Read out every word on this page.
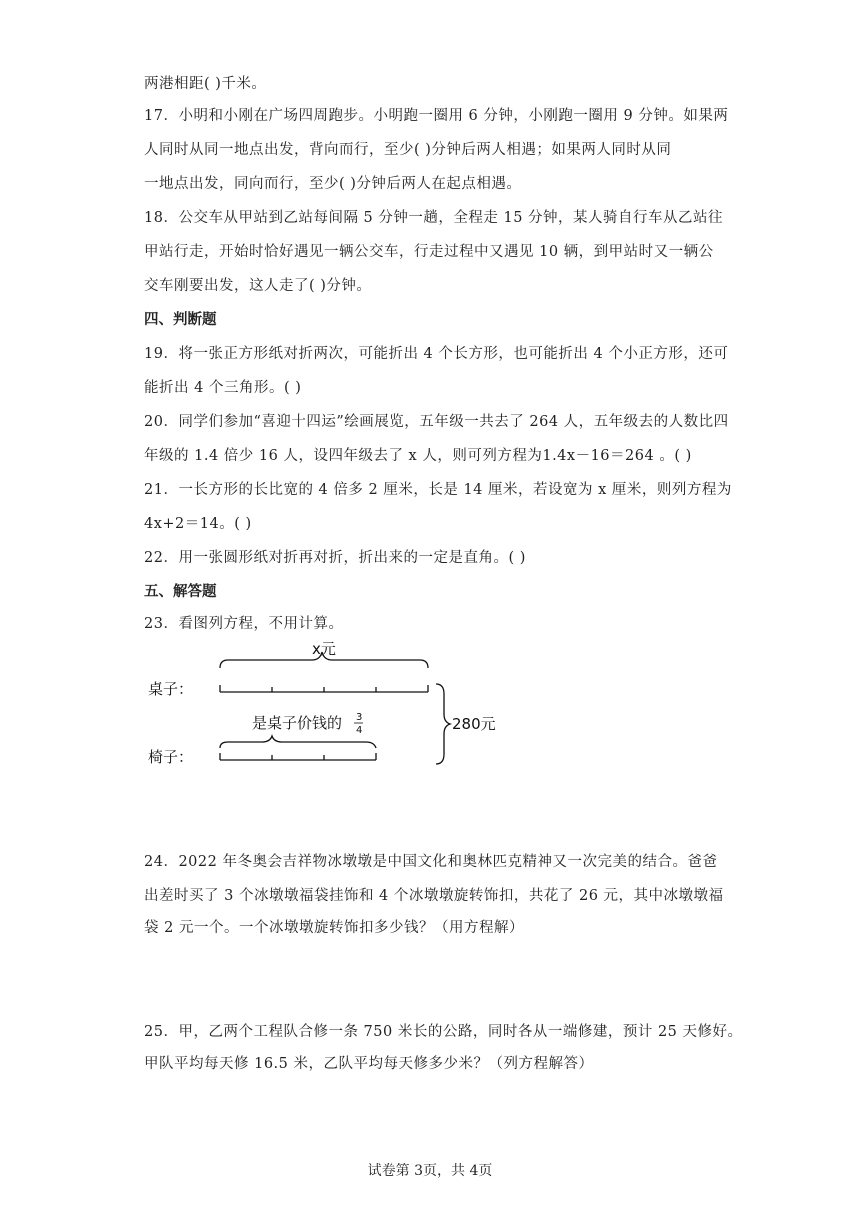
两港相距( )千米。
17．小明和小刚在广场四周跑步。小明跑一圈用 6 分钟，小刚跑一圈用 9 分钟。如果两
人同时从同一地点出发，背向而行，至少( )分钟后两人相遇；如果两人同时从同
一地点出发，同向而行，至少( )分钟后两人在起点相遇。
18．公交车从甲站到乙站每间隔 5 分钟一趟，全程走 15 分钟，某人骑自行车从乙站往
甲站行走，开始时恰好遇见一辆公交车，行走过程中又遇见 10 辆，到甲站时又一辆公
交车刚要出发，这人走了( )分钟。
四、判断题
19．将一张正方形纸对折两次，可能折出 4 个长方形，也可能折出 4 个小正方形，还可
能折出 4 个三角形。( )
20．同学们参加“喜迎十四运”绘画展览，五年级一共去了 264 人，五年级去的人数比四
年级的 1.4 倍少 16 人，设四年级去了 x 人，则可列方程为1.4x－16＝264 。( )
21．一长方形的长比宽的 4 倍多 2 厘米，长是 14 厘米，若设宽为 x 厘米，则列方程为
4x+2＝14。( )
22．用一张圆形纸对折再对折，折出来的一定是直角。( )
五、解答题
23．看图列方程，不用计算。
x元
桌子：
是桌子价钱的 3
4
椅子：
280元
24．2022 年冬奥会吉祥物冰墩墩是中国文化和奥林匹克精神又一次完美的结合。爸爸
出差时买了 3 个冰墩墩福袋挂饰和 4 个冰墩墩旋转饰扣，共花了 26 元，其中冰墩墩福
袋 2 元一个。一个冰墩墩旋转饰扣多少钱？（用方程解）
25．甲，乙两个工程队合修一条 750 米长的公路，同时各从一端修建，预计 25 天修好。
甲队平均每天修 16.5 米，乙队平均每天修多少米？（列方程解答）
试卷第 3页，共 4页
